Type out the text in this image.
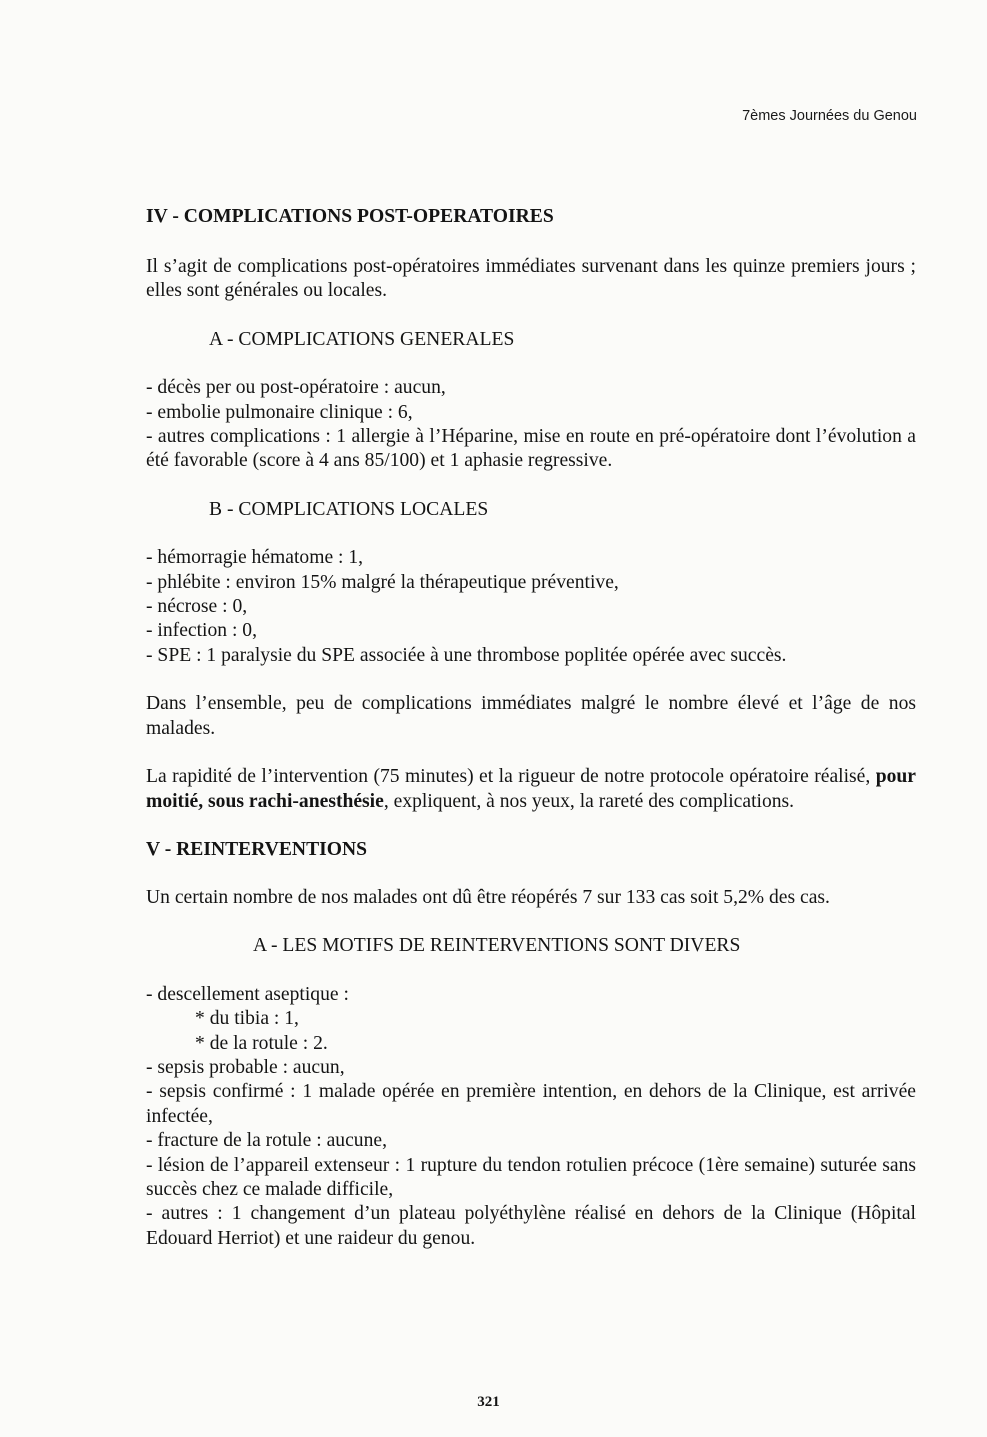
7èmes Journées du Genou
IV - COMPLICATIONS POST-OPERATOIRES

Il s’agit de complications post-opératoires immédiates survenant dans les quinze premiers jours ; elles sont générales ou locales.

A - COMPLICATIONS GENERALES
- décès per ou post-opératoire : aucun,
- embolie pulmonaire clinique : 6,
- autres complications : 1 allergie à l’Héparine, mise en route en pré-opératoire dont l’évolution a été favorable (score à 4 ans 85/100) et 1 aphasie regressive.
B - COMPLICATIONS LOCALES
- hémorragie hématome : 1,
- phlébite : environ 15% malgré la thérapeutique préventive,
- nécrose : 0,
- infection : 0,
- SPE : 1 paralysie du SPE associée à une thrombose poplitée opérée avec succès.

Dans l’ensemble, peu de complications immédiates malgré le nombre élevé et l’âge de nos malades.

La rapidité de l’intervention (75 minutes) et la rigueur de notre protocole opératoire réalisé, pour moitié, sous rachi-anesthésie, expliquent, à nos yeux, la rareté des complications.

V - REINTERVENTIONS

Un certain nombre de nos malades ont dû être réopérés 7 sur 133 cas soit 5,2% des cas.

A - LES MOTIFS DE REINTERVENTIONS SONT DIVERS
- descellement aseptique :
* du tibia : 1,
* de la rotule : 2.
- sepsis probable : aucun,
- sepsis confirmé : 1 malade opérée en première intention, en dehors de la Clinique, est arrivée infectée,
- fracture de la rotule : aucune,
- lésion de l’appareil extenseur : 1 rupture du tendon rotulien précoce (1ère semaine) suturée sans succès chez ce malade difficile,
- autres : 1 changement d’un plateau polyéthylène réalisé en dehors de la Clinique (Hôpital Edouard Herriot) et une raideur du genou.
321
